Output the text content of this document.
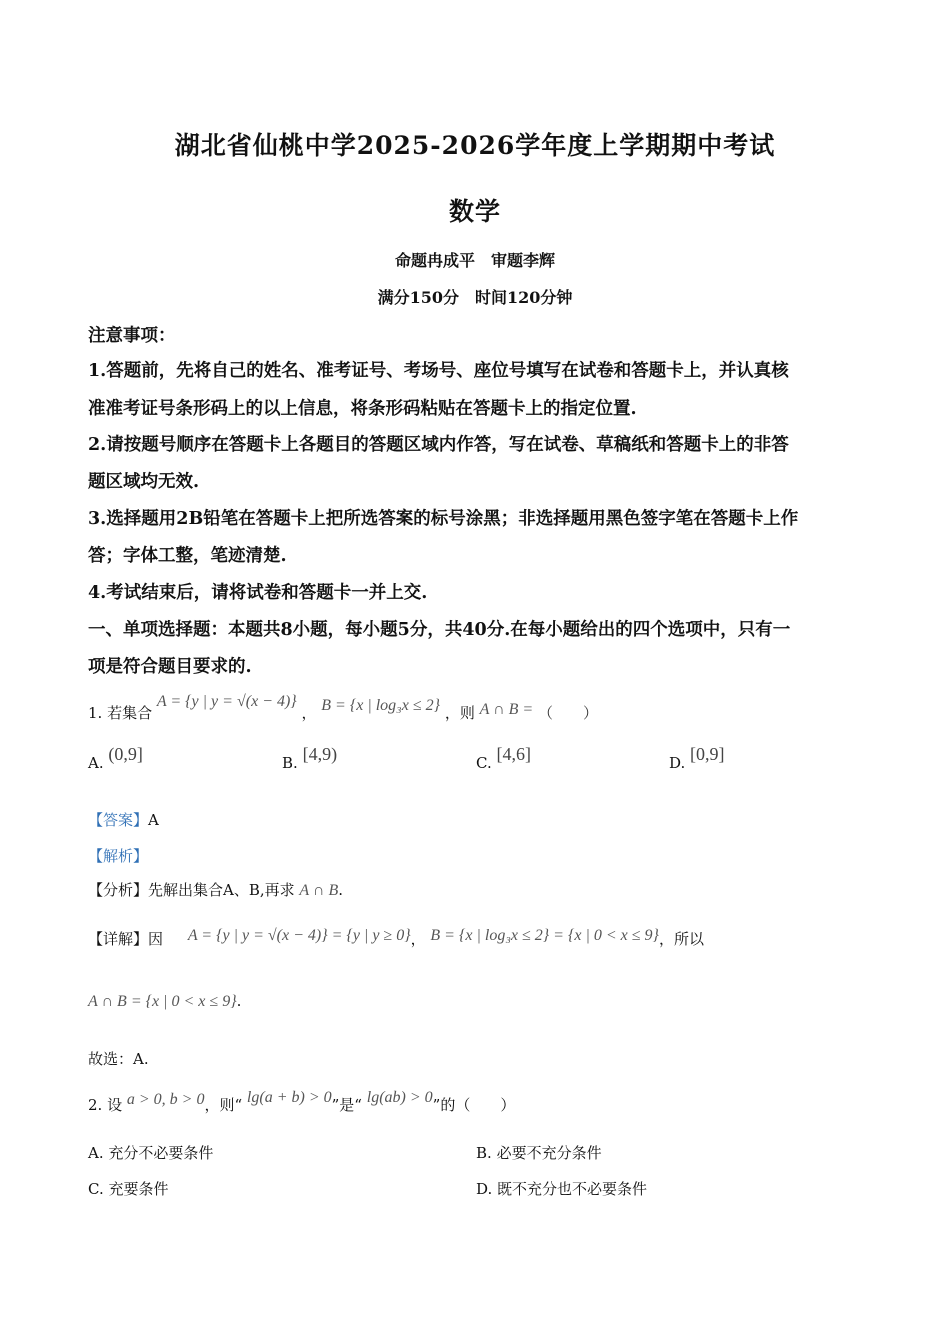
湖北省仙桃中学2025-2026学年度上学期期中考试
数学
命题冉成平　审题李辉
满分150分　时间120分钟
注意事项：
1.答题前，先将自己的姓名、准考证号、考场号、座位号填写在试卷和答题卡上，并认真核
准准考证号条形码上的以上信息，将条形码粘贴在答题卡上的指定位置.
2.请按题号顺序在答题卡上各题目的答题区域内作答，写在试卷、草稿纸和答题卡上的非答
题区域均无效.
3.选择题用2B铅笔在答题卡上把所选答案的标号涂黑；非选择题用黑色签字笔在答题卡上作
答；字体工整，笔迹清楚.
4.考试结束后，请将试卷和答题卡一并上交.
一、单项选择题：本题共8小题，每小题5分，共40分.在每小题给出的四个选项中，只有一
项是符合题目要求的.
1. 若集合 A = {y | y = √(x − 4)} ， B = {x | log₃x ≤ 2} ，则 A ∩ B = （　　）
A. (0,9]	B. [4,9)	C. [4,6]	D. [0,9]
【答案】A
【解析】
【分析】先解出集合A、B,再求 A ∩ B.
【详解】因 A = {y | y = √(x − 4)} = {y | y ≥ 0}， B = {x | log₃x ≤ 2} = {x | 0 < x ≤ 9}，所以
A ∩ B = {x | 0 < x ≤ 9}.
故选：A.
2. 设 a > 0, b > 0，则“ lg(a + b) > 0”是“ lg(ab) > 0”的（　　）
A. 充分不必要条件	B. 必要不充分条件
C. 充要条件	D. 既不充分也不必要条件
